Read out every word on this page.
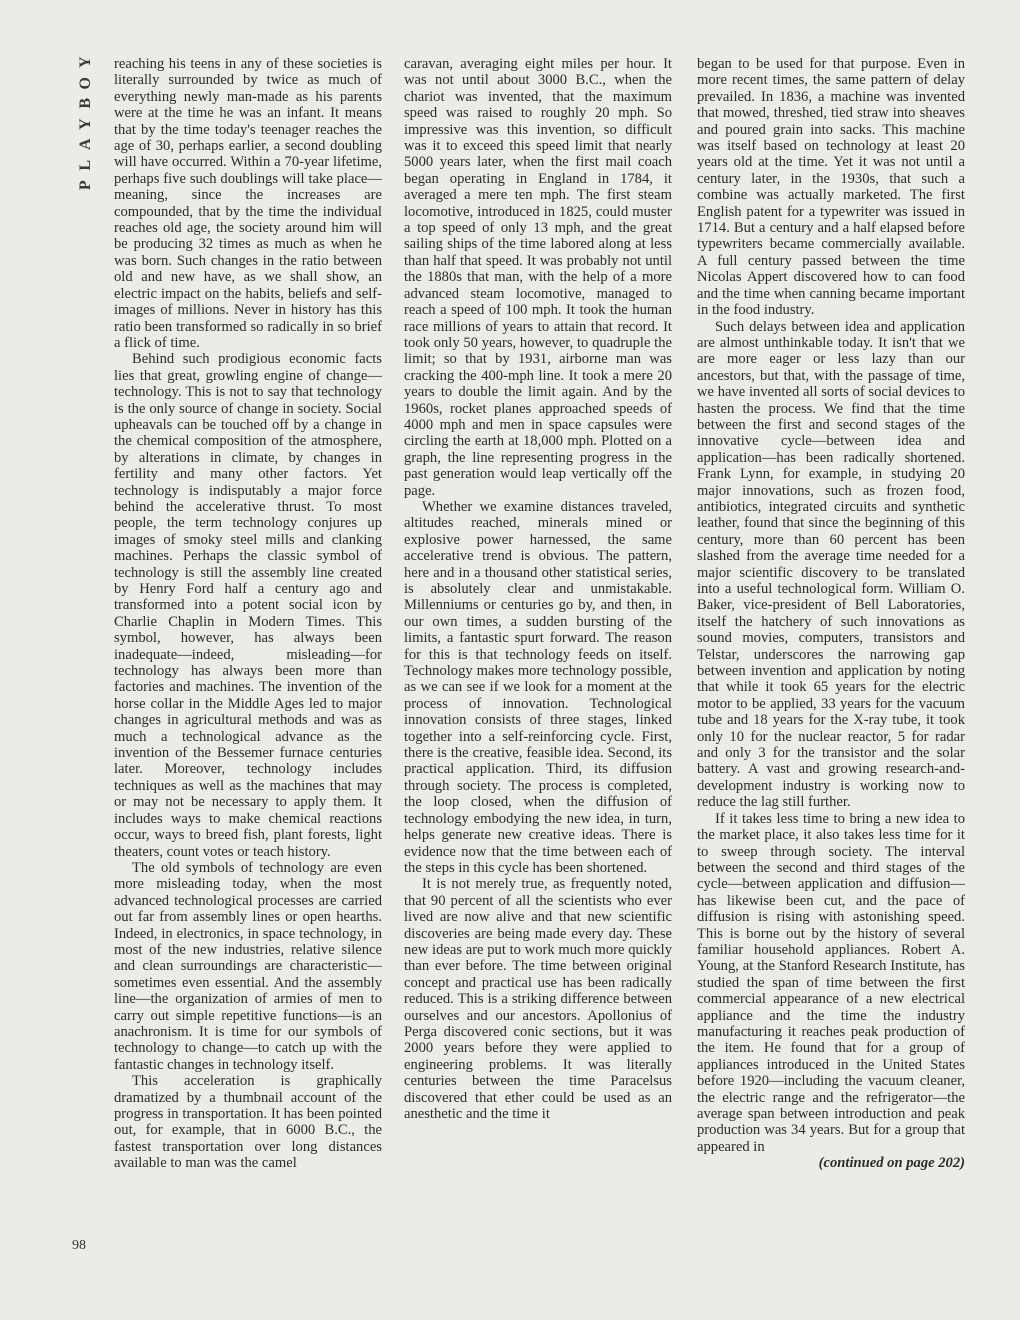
Y
O
B
Y
A
L
P

reaching his teens in any of these societies is literally surrounded by twice as much of everything newly man-made as his parents were at the time he was an infant. It means that by the time today's teenager reaches the age of 30, perhaps earlier, a second doubling will have occurred. Within a 70-year lifetime, perhaps five such doublings will take place—meaning, since the increases are compounded, that by the time the individual reaches old age, the society around him will be producing 32 times as much as when he was born. Such changes in the ratio between old and new have, as we shall show, an electric impact on the habits, beliefs and self-images of millions. Never in history has this ratio been transformed so radically in so brief a flick of time.

Behind such prodigious economic facts lies that great, growling engine of change—technology. This is not to say that technology is the only source of change in society. Social upheavals can be touched off by a change in the chemical composition of the atmosphere, by alterations in climate, by changes in fertility and many other factors. Yet technology is indisputably a major force behind the accelerative thrust. To most people, the term technology conjures up images of smoky steel mills and clanking machines. Perhaps the classic symbol of technology is still the assembly line created by Henry Ford half a century ago and transformed into a potent social icon by Charlie Chaplin in Modern Times. This symbol, however, has always been inadequate—indeed, misleading—for technology has always been more than factories and machines. The invention of the horse collar in the Middle Ages led to major changes in agricultural methods and was as much a technological advance as the invention of the Bessemer furnace centuries later. Moreover, technology includes techniques as well as the machines that may or may not be necessary to apply them. It includes ways to make chemical reactions occur, ways to breed fish, plant forests, light theaters, count votes or teach history.

The old symbols of technology are even more misleading today, when the most advanced technological processes are carried out far from assembly lines or open hearths. Indeed, in electronics, in space technology, in most of the new industries, relative silence and clean surroundings are characteristic—sometimes even essential. And the assembly line—the organization of armies of men to carry out simple repetitive functions—is an anachronism. It is time for our symbols of technology to change—to catch up with the fantastic changes in technology itself.

This acceleration is graphically dramatized by a thumbnail account of the progress in transportation. It has been pointed out, for example, that in 6000 B.C., the fastest transportation over long distances available to man was the camel

caravan, averaging eight miles per hour. It was not until about 3000 B.C., when the chariot was invented, that the maximum speed was raised to roughly 20 mph. So impressive was this invention, so difficult was it to exceed this speed limit that nearly 5000 years later, when the first mail coach began operating in England in 1784, it averaged a mere ten mph. The first steam locomotive, introduced in 1825, could muster a top speed of only 13 mph, and the great sailing ships of the time labored along at less than half that speed. It was probably not until the 1880s that man, with the help of a more advanced steam locomotive, managed to reach a speed of 100 mph. It took the human race millions of years to attain that record. It took only 50 years, however, to quadruple the limit; so that by 1931, airborne man was cracking the 400-mph line. It took a mere 20 years to double the limit again. And by the 1960s, rocket planes approached speeds of 4000 mph and men in space capsules were circling the earth at 18,000 mph. Plotted on a graph, the line representing progress in the past generation would leap vertically off the page.

Whether we examine distances traveled, altitudes reached, minerals mined or explosive power harnessed, the same accelerative trend is obvious. The pattern, here and in a thousand other statistical series, is absolutely clear and unmistakable. Millenniums or centuries go by, and then, in our own times, a sudden bursting of the limits, a fantastic spurt forward. The reason for this is that technology feeds on itself. Technology makes more technology possible, as we can see if we look for a moment at the process of innovation. Technological innovation consists of three stages, linked together into a self-reinforcing cycle. First, there is the creative, feasible idea. Second, its practical application. Third, its diffusion through society. The process is completed, the loop closed, when the diffusion of technology embodying the new idea, in turn, helps generate new creative ideas. There is evidence now that the time between each of the steps in this cycle has been shortened.

It is not merely true, as frequently noted, that 90 percent of all the scientists who ever lived are now alive and that new scientific discoveries are being made every day. These new ideas are put to work much more quickly than ever before. The time between original concept and practical use has been radically reduced. This is a striking difference between ourselves and our ancestors. Apollonius of Perga discovered conic sections, but it was 2000 years before they were applied to engineering problems. It was literally centuries between the time Paracelsus discovered that ether could be used as an anesthetic and the time it

began to be used for that purpose. Even in more recent times, the same pattern of delay prevailed. In 1836, a machine was invented that mowed, threshed, tied straw into sheaves and poured grain into sacks. This machine was itself based on technology at least 20 years old at the time. Yet it was not until a century later, in the 1930s, that such a combine was actually marketed. The first English patent for a typewriter was issued in 1714. But a century and a half elapsed before typewriters became commercially available. A full century passed between the time Nicolas Appert discovered how to can food and the time when canning became important in the food industry.

Such delays between idea and application are almost unthinkable today. It isn't that we are more eager or less lazy than our ancestors, but that, with the passage of time, we have invented all sorts of social devices to hasten the process. We find that the time between the first and second stages of the innovative cycle—between idea and application—has been radically shortened. Frank Lynn, for example, in studying 20 major innovations, such as frozen food, antibiotics, integrated circuits and synthetic leather, found that since the beginning of this century, more than 60 percent has been slashed from the average time needed for a major scientific discovery to be translated into a useful technological form. William O. Baker, vice-president of Bell Laboratories, itself the hatchery of such innovations as sound movies, computers, transistors and Telstar, underscores the narrowing gap between invention and application by noting that while it took 65 years for the electric motor to be applied, 33 years for the vacuum tube and 18 years for the X-ray tube, it took only 10 for the nuclear reactor, 5 for radar and only 3 for the transistor and the solar battery. A vast and growing research-and-development industry is working now to reduce the lag still further.

If it takes less time to bring a new idea to the market place, it also takes less time for it to sweep through society. The interval between the second and third stages of the cycle—between application and diffusion—has likewise been cut, and the pace of diffusion is rising with astonishing speed. This is borne out by the history of several familiar household appliances. Robert A. Young, at the Stanford Research Institute, has studied the span of time between the first commercial appearance of a new electrical appliance and the time the industry manufacturing it reaches peak production of the item. He found that for a group of appliances introduced in the United States before 1920—including the vacuum cleaner, the electric range and the refrigerator—the average span between introduction and peak production was 34 years. But for a group that appeared in

(continued on page 202)
98
